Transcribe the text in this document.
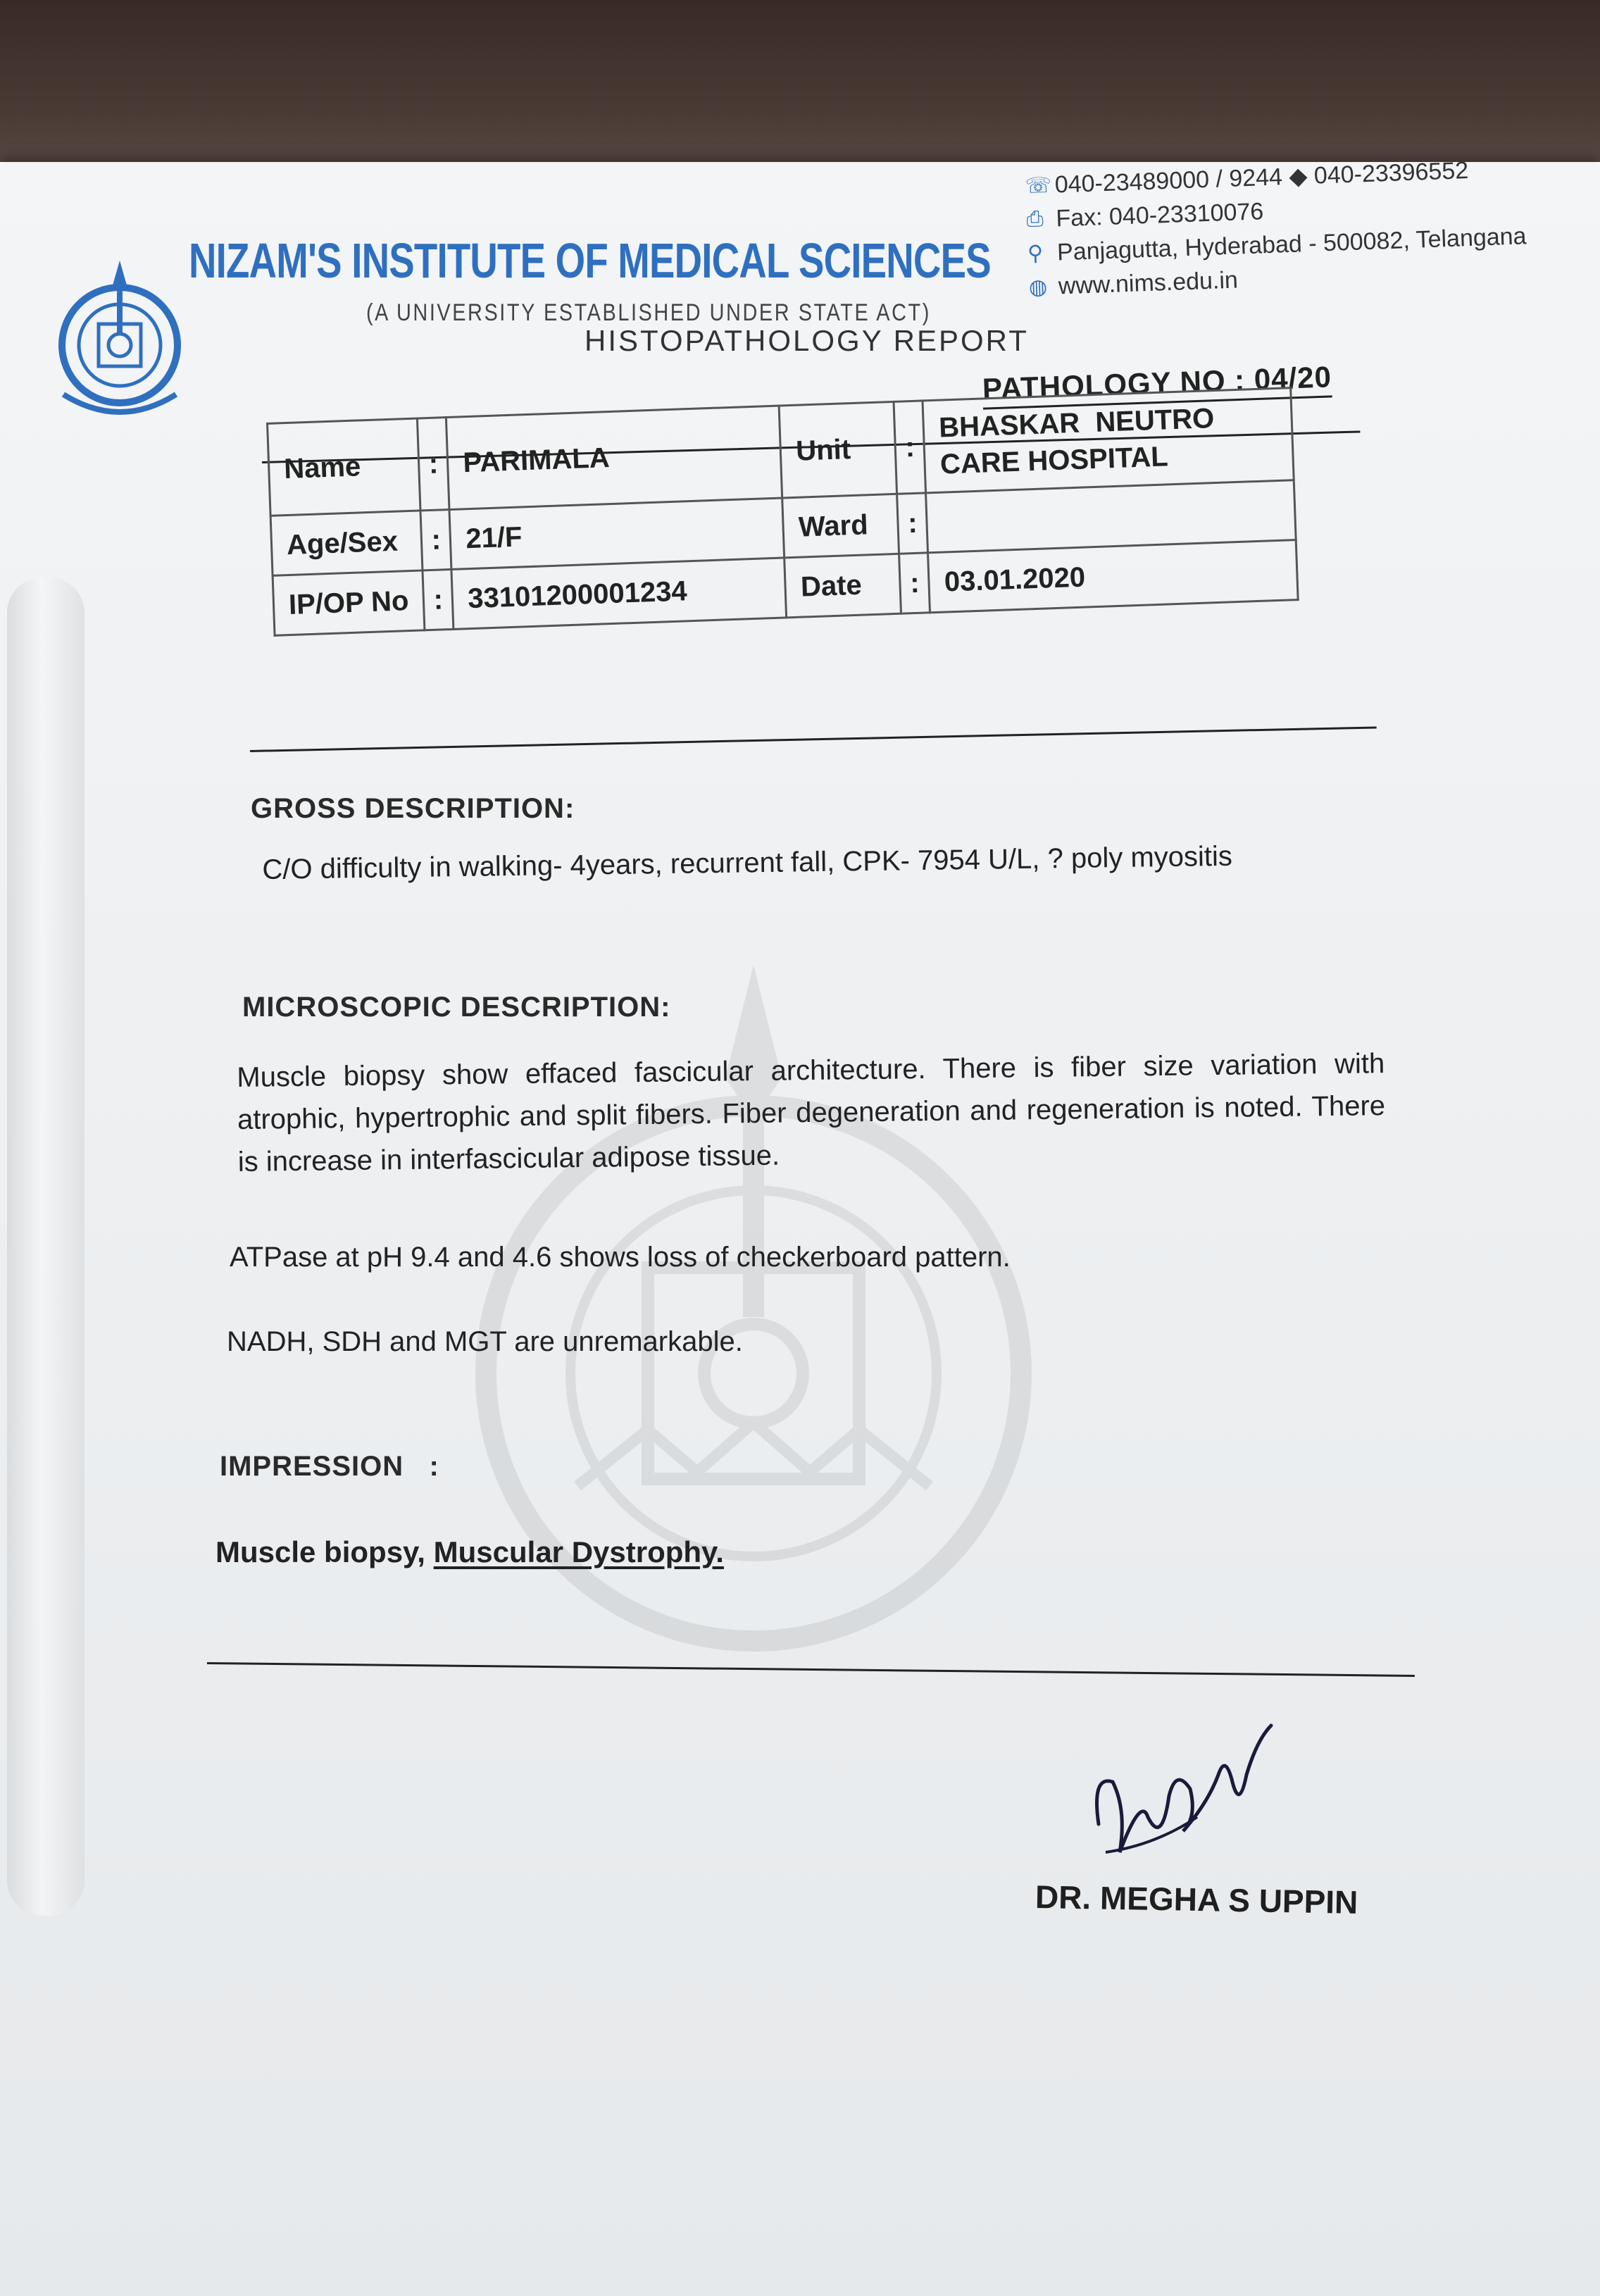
NIZAM'S INSTITUTE OF MEDICAL SCIENCES
(A UNIVERSITY ESTABLISHED UNDER STATE ACT)
HISTOPATHOLOGY REPORT
☏ 040-23489000 / 9244 ◆ 040-23396552
⎙ Fax: 040-23310076
⚲ Panjagutta, Hyderabad - 500082, Telangana
◍ www.nims.edu.in
PATHOLOGY NO : 04/20
Name	:	PARIMALA	Unit	:	BHASKAR  NEUTRO
CARE HOSPITAL

Age/Sex	:	21/F	Ward	:	
IP/OP No	:	33101200001234	Date	:	03.01.2020
GROSS DESCRIPTION:
C/O difficulty in walking- 4years, recurrent fall, CPK- 7954 U/L, ? poly myositis
MICROSCOPIC DESCRIPTION:
Muscle biopsy show effaced fascicular architecture. There is fiber size variation with atrophic, hypertrophic and split fibers. Fiber degeneration and regeneration is noted. There is increase in interfascicular adipose tissue.
ATPase at pH 9.4 and 4.6 shows loss of checkerboard pattern.
NADH, SDH and MGT are unremarkable.
IMPRESSION   :
Muscle biopsy, Muscular Dystrophy.
DR. MEGHA S UPPIN
